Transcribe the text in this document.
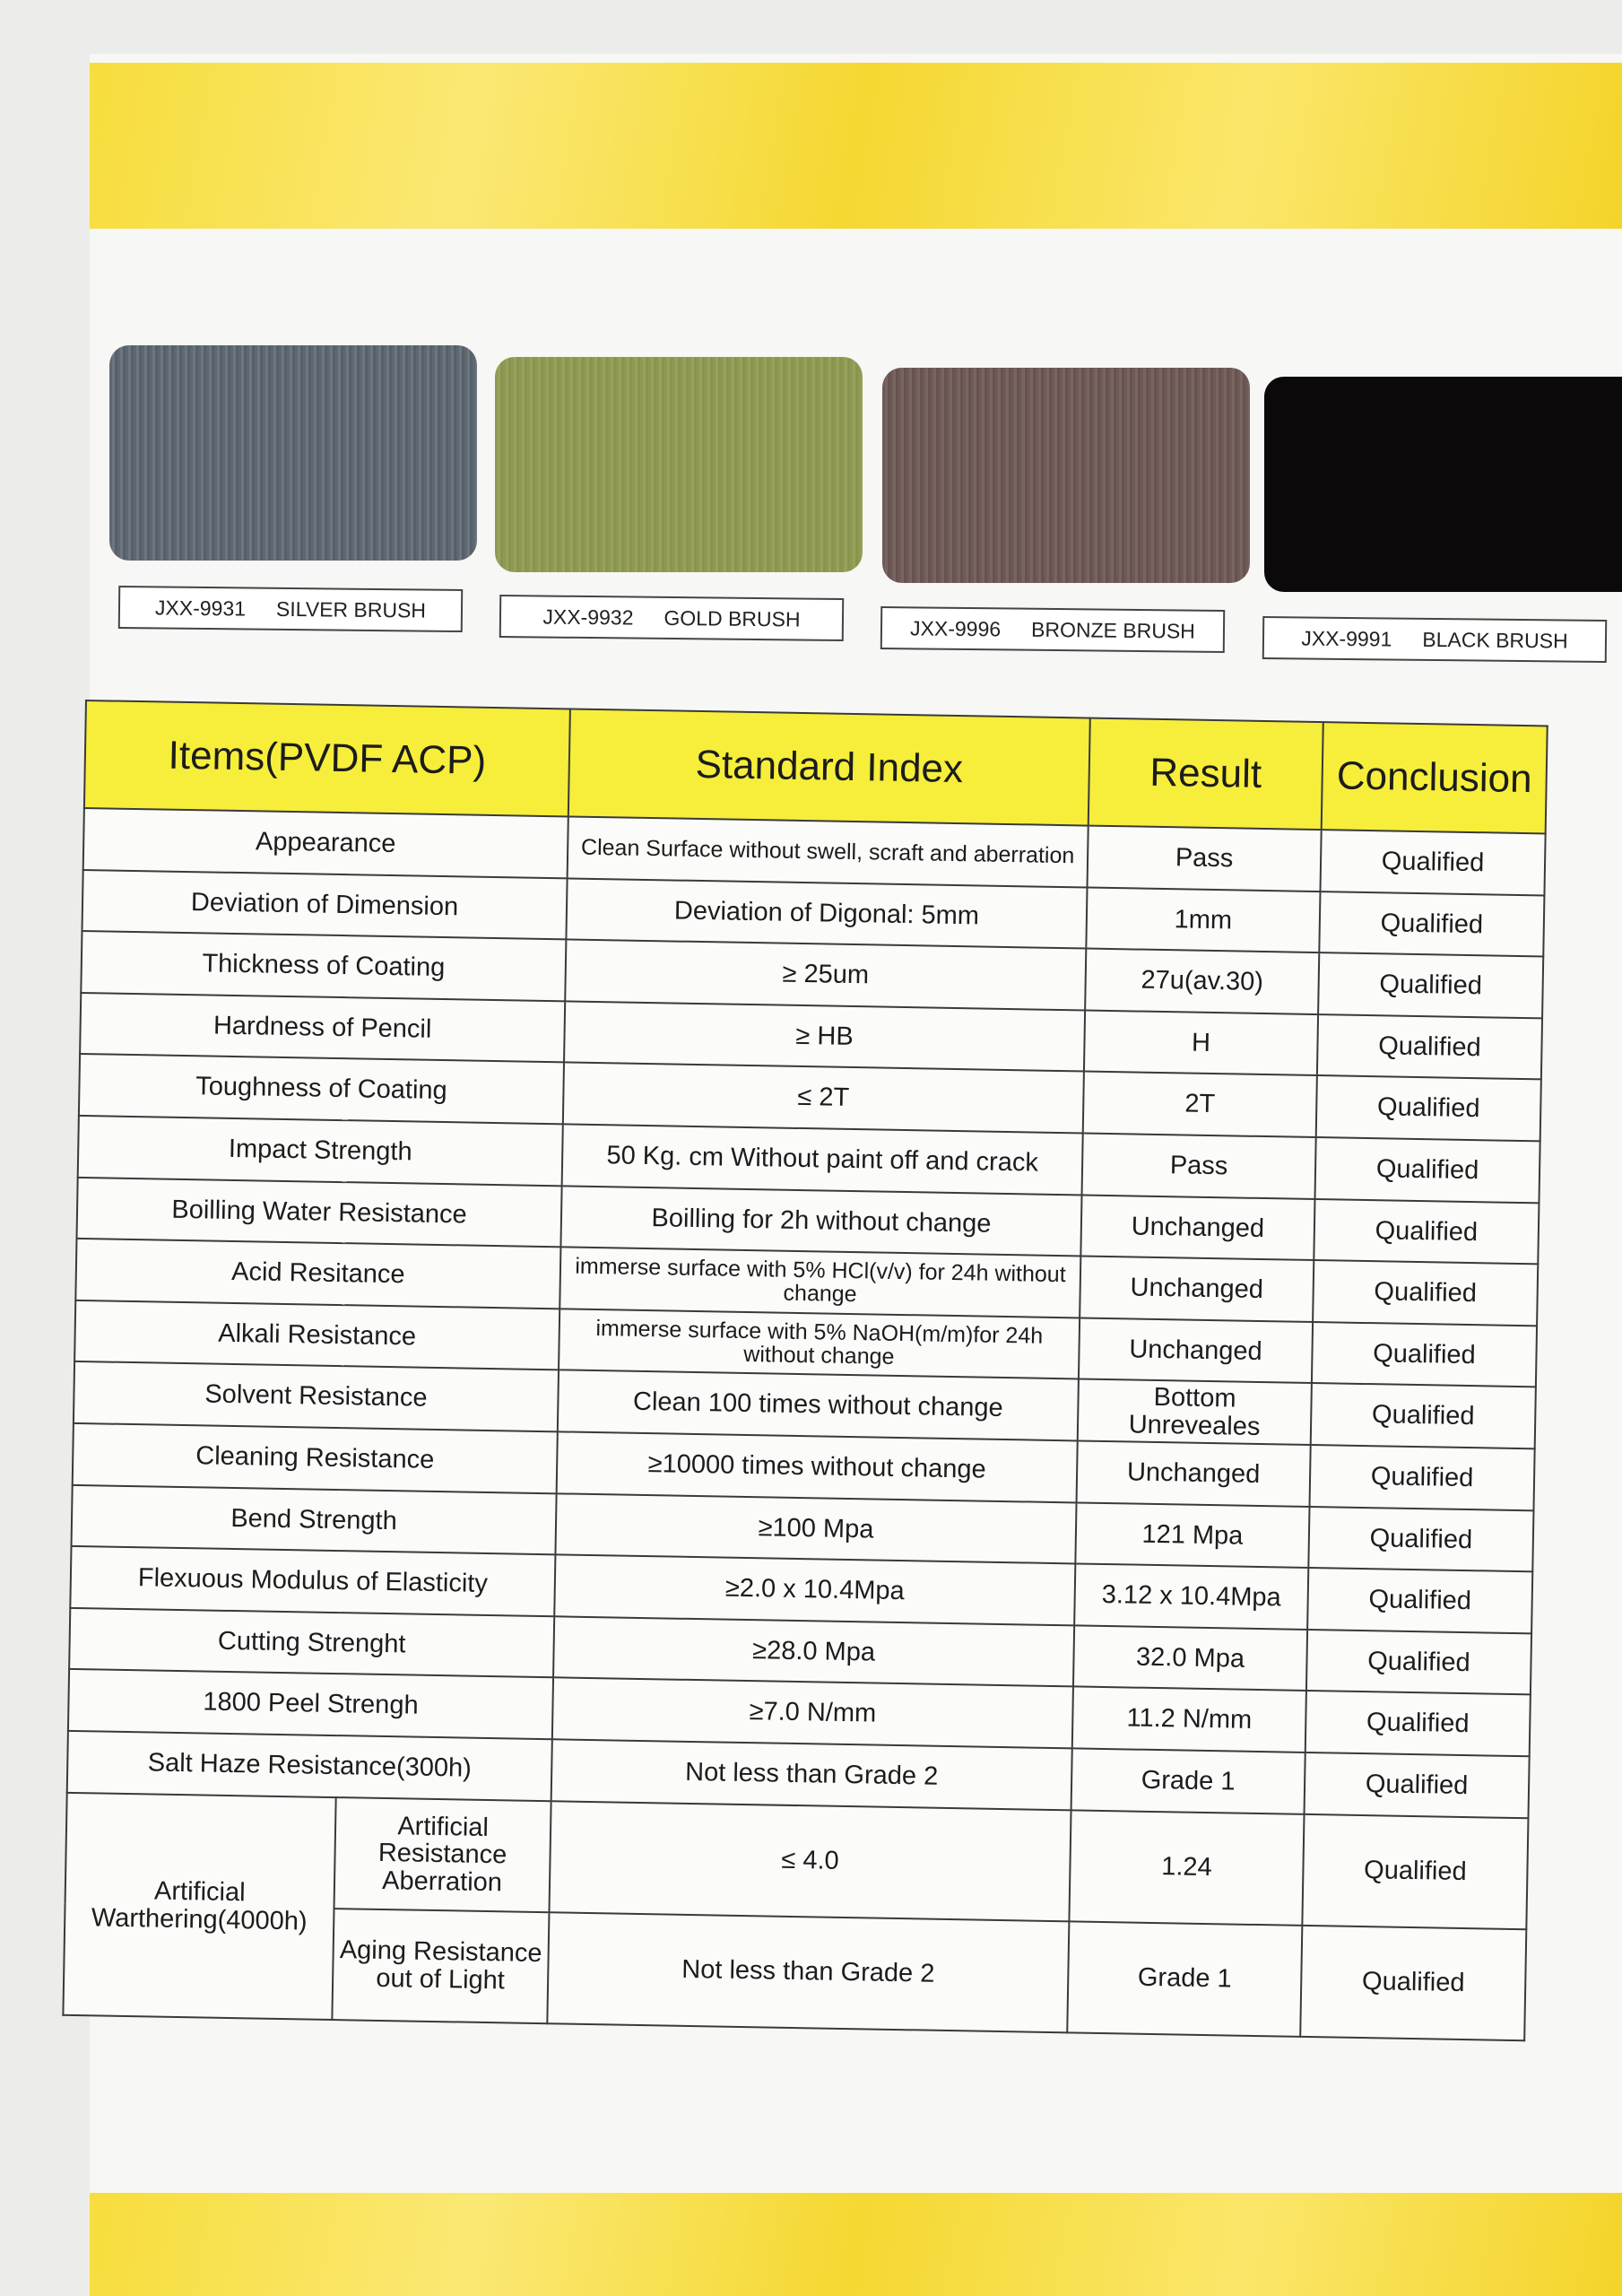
JXX-9931 SILVER BRUSH	JXX-9932 GOLD BRUSH	JXX-9996 BRONZE BRUSH	JXX-9991 BLACK BRUSH
Items(PVDF ACP)		Standard Index	Result	Conclusion
Appearance		Clean Surface without swell, scraft and aberration	Pass	Qualified
Deviation of Dimension		Deviation of Digonal: 5mm	1mm	Qualified
Thickness of Coating		≥ 25um	27u(av.30)	Qualified
Hardness of Pencil		≥ HB	H	Qualified
Toughness of Coating		≤ 2T	2T	Qualified
Impact Strength		50 Kg. cm Without paint off and crack	Pass	Qualified
Boilling Water Resistance		Boilling for 2h without change	Unchanged	Qualified
Acid Resitance		immerse surface with 5% HCl(v/v) for 24h without change	Unchanged	Qualified
Alkali Resistance		immerse surface with 5% NaOH(m/m)for 24h without change	Unchanged	Qualified
Solvent Resistance		Clean 100 times without change	Bottom Unreveales	Qualified
Cleaning Resistance		≥10000 times without change	Unchanged	Qualified
Bend Strength		≥100 Mpa	121 Mpa	Qualified
Flexuous Modulus of Elasticity		≥2.0 x 10.4Mpa	3.12 x 10.4Mpa	Qualified
Cutting Strenght		≥28.0 Mpa	32.0 Mpa	Qualified
1800 Peel Strengh		≥7.0 N/mm	11.2 N/mm	Qualified
Salt Haze Resistance(300h)		Not less than Grade 2	Grade 1	Qualified
Artificial Warthering(4000h)	Artificial Resistance Aberration	≤ 4.0	1.24	Qualified
	Aging Resistance out of Light	Not less than Grade 2	Grade 1	Qualified
